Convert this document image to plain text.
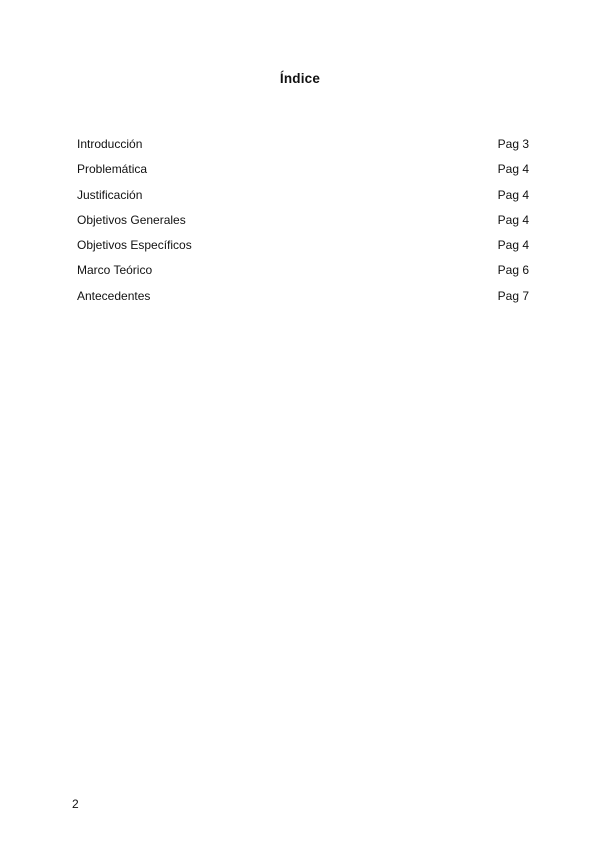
Índice
Introducción	Pag 3
Problemática	Pag 4
Justificación	Pag 4
Objetivos Generales	Pag 4
Objetivos Específicos	Pag 4
Marco Teórico	Pag 6
Antecedentes	Pag 7
2
